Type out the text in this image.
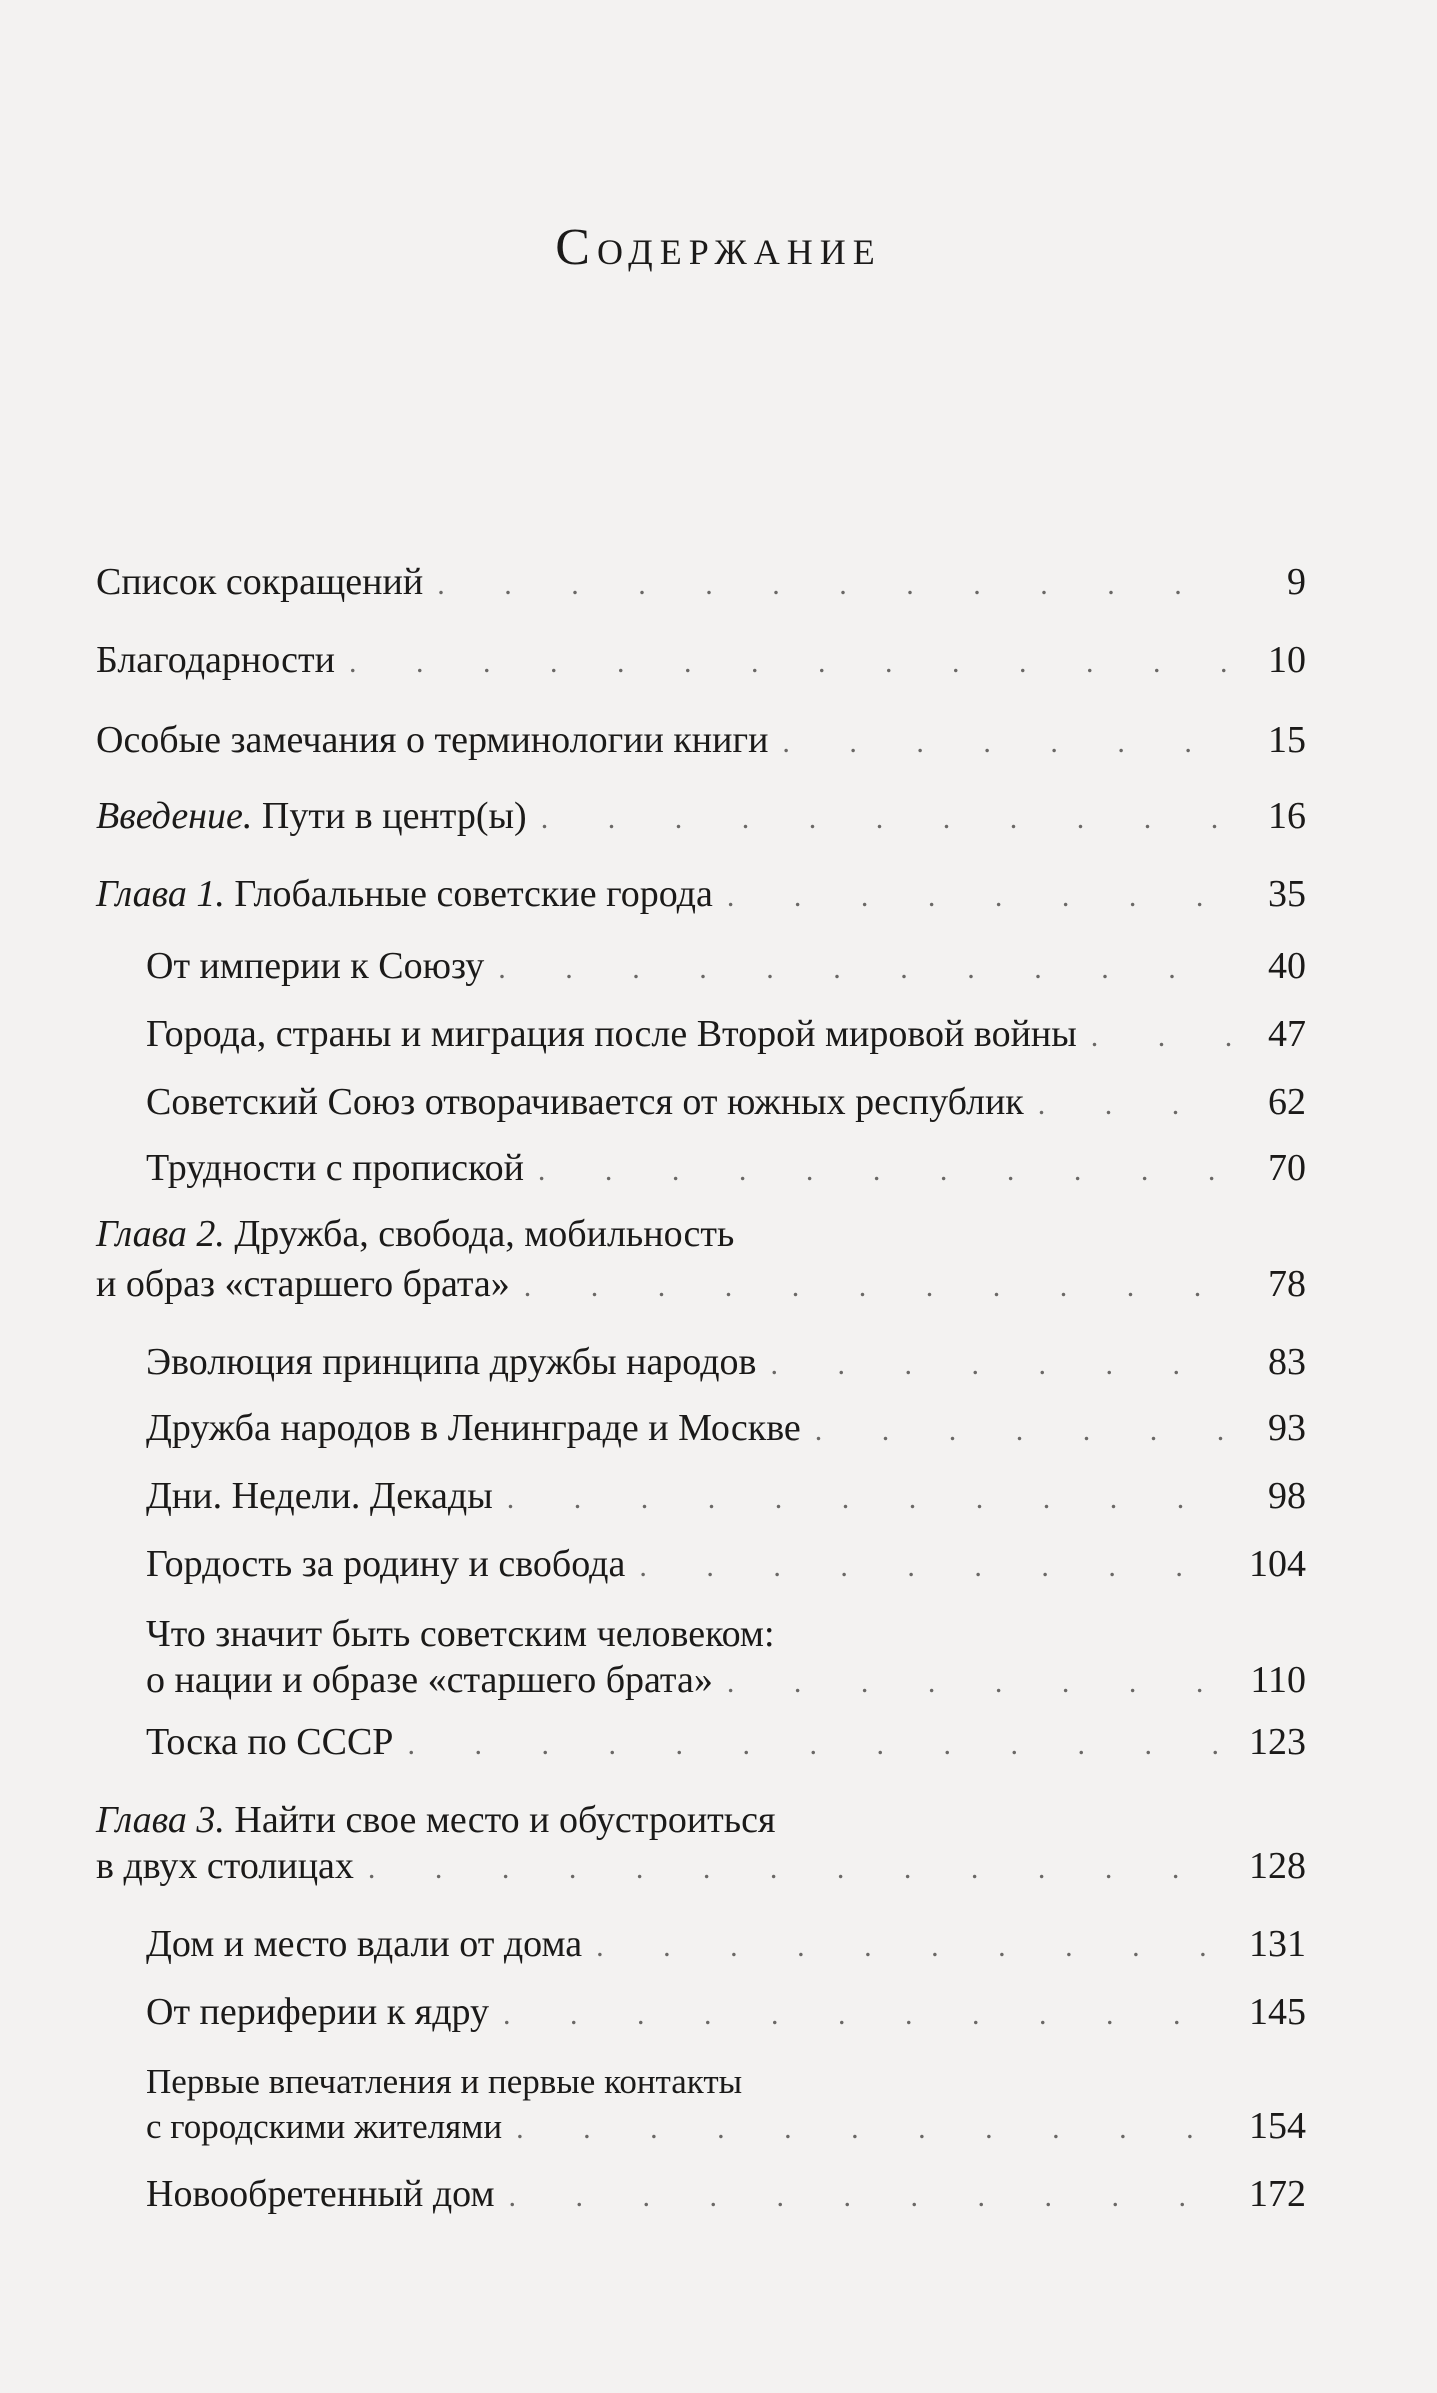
Содержание
Список сокращений . . .	9
Благодарности . . .	10
Особые замечания о терминологии книги . . .	15
Введение. Пути в центр(ы) . . .	16
Глава 1. Глобальные советские города . . .	35
От империи к Союзу . . .	40
Города, страны и миграция после Второй мировой войны . . .	47
Советский Союз отворачивается от южных республик . . .	62
Трудности с пропиской . . .	70
Глава 2. Дружба, свобода, мобильность
и образ «старшего брата» . . .	78
Эволюция принципа дружбы народов . . .	83
Дружба народов в Ленинграде и Москве . . .	93
Дни. Недели. Декады . . .	98
Гордость за родину и свобода . . .	104
Что значит быть советским человеком:
о нации и образе «старшего брата» . . .	110
Тоска по СССР . . .	123
Глава 3. Найти свое место и обустроиться
в двух столицах . . .	128
Дом и место вдали от дома . . .	131
От периферии к ядру . . .	145
Первые впечатления и первые контакты
с городскими жителями . . .	154
Новообретенный дом . . .	172
